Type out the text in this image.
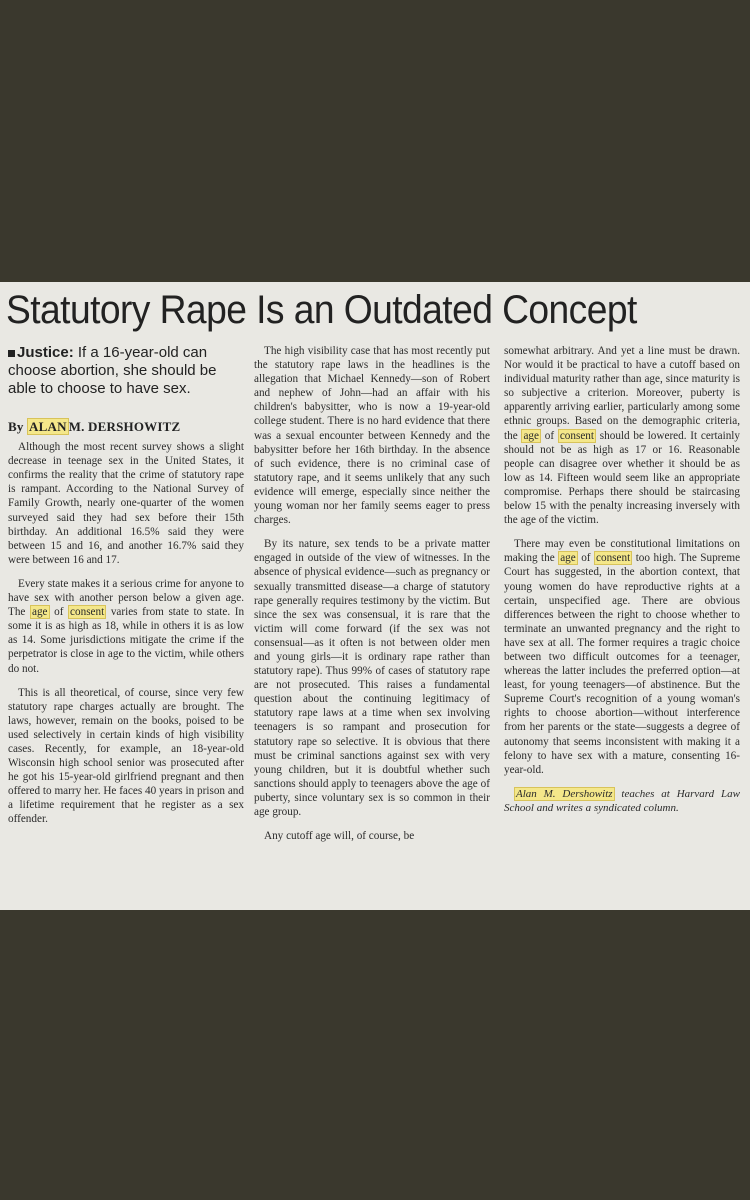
Statutory Rape Is an Outdated Concept
Justice: If a 16-year-old can choose abortion, she should be able to choose to have sex.
By ALAN M. DERSHOWITZ

Although the most recent survey shows a slight decrease in teenage sex in the United States, it confirms the reality that the crime of statutory rape is rampant. According to the National Survey of Family Growth, nearly one-quarter of the women surveyed said they had sex before their 15th birthday. An additional 16.5% said they were between 15 and 16, and another 16.7% said they were between 16 and 17.

Every state makes it a serious crime for anyone to have sex with another person below a given age. The age of consent varies from state to state. In some it is as high as 18, while in others it is as low as 14. Some jurisdictions mitigate the crime if the perpetrator is close in age to the victim, while others do not.

This is all theoretical, of course, since very few statutory rape charges actually are brought. The laws, however, remain on the books, poised to be used selectively in certain kinds of high visibility cases. Recently, for example, an 18-year-old Wisconsin high school senior was prosecuted after he got his 15-year-old girlfriend pregnant and then offered to marry her. He faces 40 years in prison and a lifetime requirement that he register as a sex offender.

The high visibility case that has most recently put the statutory rape laws in the headlines is the allegation that Michael Kennedy—son of Robert and nephew of John—had an affair with his children's babysitter, who is now a 19-year-old college student. There is no hard evidence that there was a sexual encounter between Kennedy and the babysitter before her 16th birthday. In the absence of such evidence, there is no criminal case of statutory rape, and it seems unlikely that any such evidence will emerge, especially since neither the young woman nor her family seems eager to press charges.

By its nature, sex tends to be a private matter engaged in outside of the view of witnesses. In the absence of physical evidence—such as pregnancy or sexually transmitted disease—a charge of statutory rape generally requires testimony by the victim. But since the sex was consensual, it is rare that the victim will come forward (if the sex was not consensual—as it often is not between older men and young girls—it is ordinary rape rather than statutory rape). Thus 99% of cases of statutory rape are not prosecuted. This raises a fundamental question about the continuing legitimacy of statutory rape laws at a time when sex involving teenagers is so rampant and prosecution for statutory rape so selective. It is obvious that there must be criminal sanctions against sex with very young children, but it is doubtful whether such sanctions should apply to teenagers above the age of puberty, since voluntary sex is so common in their age group.

Any cutoff age will, of course, be

somewhat arbitrary. And yet a line must be drawn. Nor would it be practical to have a cutoff based on individual maturity rather than age, since maturity is so subjective a criterion. Moreover, puberty is apparently arriving earlier, particularly among some ethnic groups. Based on the demographic criteria, the age of consent should be lowered. It certainly should not be as high as 17 or 16. Reasonable people can disagree over whether it should be as low as 14. Fifteen would seem like an appropriate compromise. Perhaps there should be staircasing below 15 with the penalty increasing inversely with the age of the victim.

There may even be constitutional limitations on making the age of consent too high. The Supreme Court has suggested, in the abortion context, that young women do have reproductive rights at a certain, unspecified age. There are obvious differences between the right to choose whether to terminate an unwanted pregnancy and the right to have sex at all. The former requires a tragic choice between two difficult outcomes for a teenager, whereas the latter includes the preferred option—at least, for young teenagers—of abstinence. But the Supreme Court's recognition of a young woman's rights to choose abortion—without interference from her parents or the state—suggests a degree of autonomy that seems inconsistent with making it a felony to have sex with a mature, consenting 16-year-old.

Alan M. Dershowitz teaches at Harvard Law School and writes a syndicated column.
